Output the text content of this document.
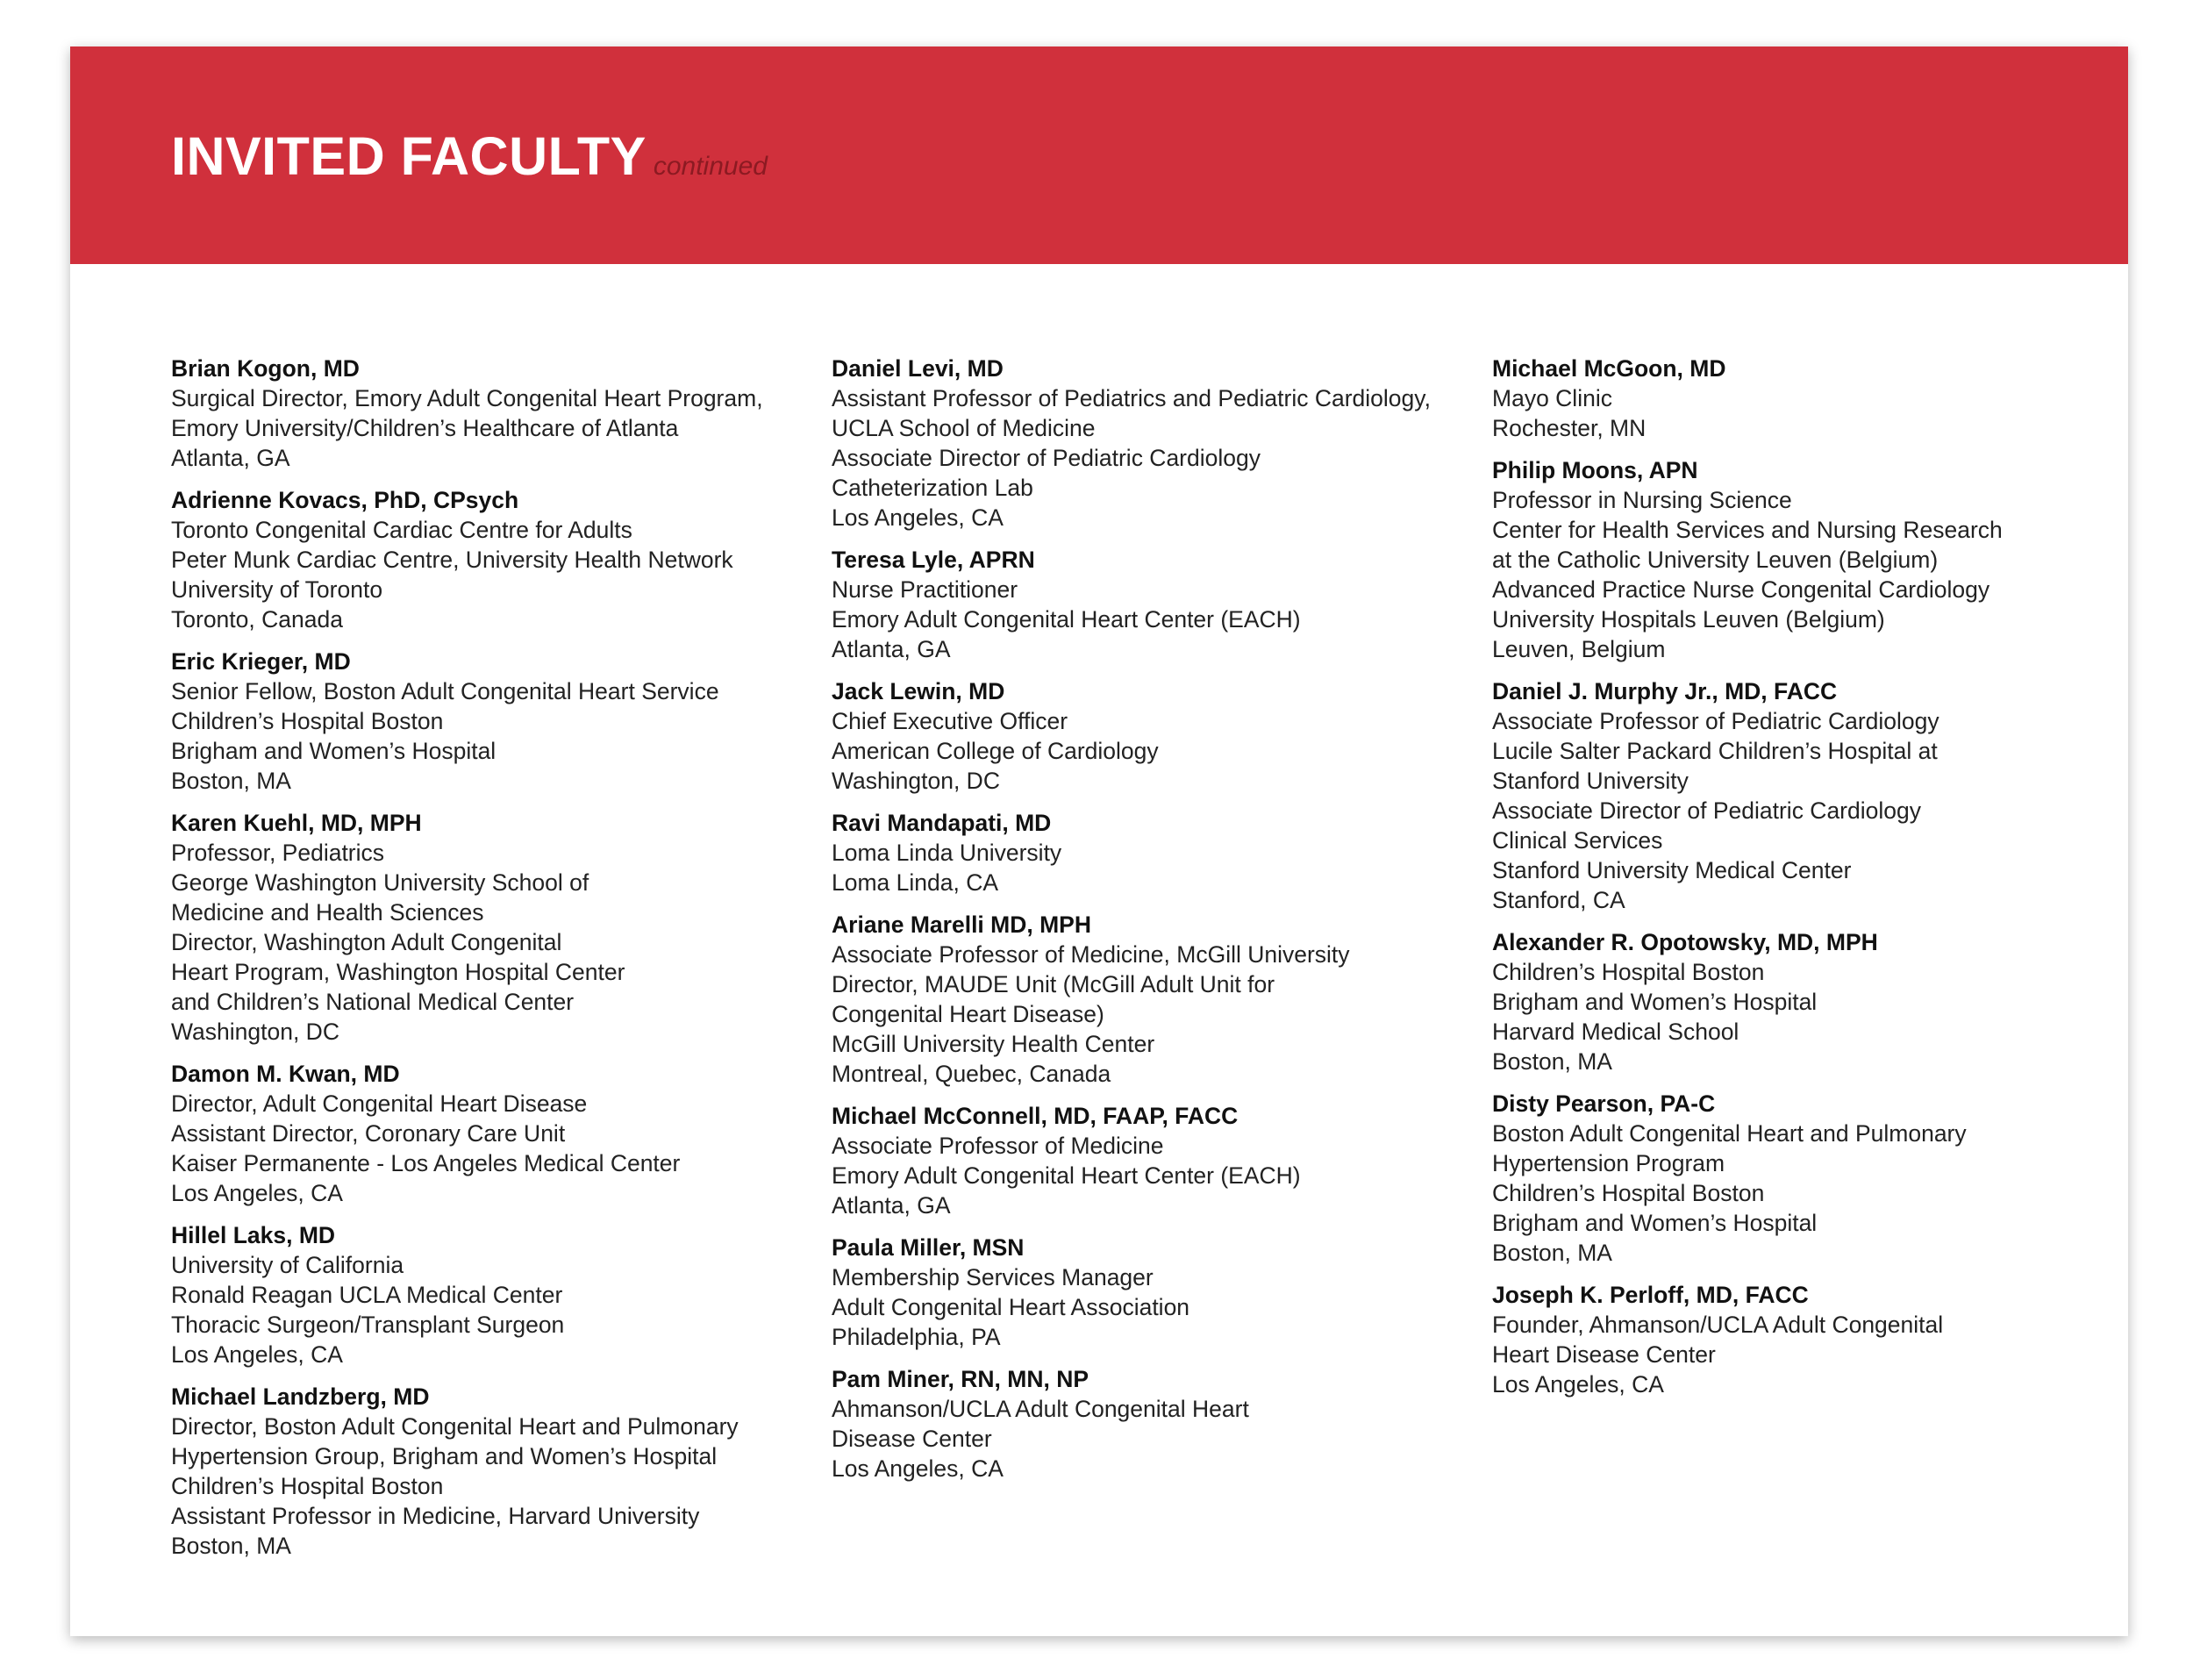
INVITED FACULTY continued
Brian Kogon, MD
Surgical Director, Emory Adult Congenital Heart Program,
Emory University/Children’s Healthcare of Atlanta
Atlanta, GA
Adrienne Kovacs, PhD, CPsych
Toronto Congenital Cardiac Centre for Adults
Peter Munk Cardiac Centre, University Health Network
University of Toronto
Toronto, Canada
Eric Krieger, MD
Senior Fellow, Boston Adult Congenital Heart Service
Children’s Hospital Boston
Brigham and Women’s Hospital
Boston, MA
Karen Kuehl, MD, MPH
Professor, Pediatrics
George Washington University School of
Medicine and Health Sciences
Director, Washington Adult Congenital
Heart Program, Washington Hospital Center
and Children’s National Medical Center
Washington, DC
Damon M. Kwan, MD
Director, Adult Congenital Heart Disease
Assistant Director, Coronary Care Unit
Kaiser Permanente - Los Angeles Medical Center
Los Angeles, CA
Hillel Laks, MD
University of California
Ronald Reagan UCLA Medical Center
Thoracic Surgeon/Transplant Surgeon
Los Angeles, CA
Michael Landzberg, MD
Director, Boston Adult Congenital Heart and Pulmonary
Hypertension Group, Brigham and Women’s Hospital
Children’s Hospital Boston
Assistant Professor in Medicine, Harvard University
Boston, MA
Daniel Levi, MD
Assistant Professor of Pediatrics and Pediatric Cardiology,
UCLA School of Medicine
Associate Director of Pediatric Cardiology
Catheterization Lab
Los Angeles, CA
Teresa Lyle, APRN
Nurse Practitioner
Emory Adult Congenital Heart Center (EACH)
Atlanta, GA
Jack Lewin, MD
Chief Executive Officer
American College of Cardiology
Washington, DC
Ravi Mandapati, MD
Loma Linda University
Loma Linda, CA
Ariane Marelli MD, MPH
Associate Professor of Medicine, McGill University
Director, MAUDE Unit (McGill Adult Unit for
Congenital Heart Disease)
McGill University Health Center
Montreal, Quebec, Canada
Michael McConnell, MD, FAAP, FACC
Associate Professor of Medicine
Emory Adult Congenital Heart Center (EACH)
Atlanta, GA
Paula Miller, MSN
Membership Services Manager
Adult Congenital Heart Association
Philadelphia, PA
Pam Miner, RN, MN, NP
Ahmanson/UCLA Adult Congenital Heart
Disease Center
Los Angeles, CA
Michael McGoon, MD
Mayo Clinic
Rochester, MN
Philip Moons, APN
Professor in Nursing Science
Center for Health Services and Nursing Research
at the Catholic University Leuven (Belgium)
Advanced Practice Nurse Congenital Cardiology
University Hospitals Leuven (Belgium)
Leuven, Belgium
Daniel J. Murphy Jr., MD, FACC
Associate Professor of Pediatric Cardiology
Lucile Salter Packard Children’s Hospital at
Stanford University
Associate Director of Pediatric Cardiology
Clinical Services
Stanford University Medical Center
Stanford, CA
Alexander R. Opotowsky, MD, MPH
Children’s Hospital Boston
Brigham and Women’s Hospital
Harvard Medical School
Boston, MA
Disty Pearson, PA-C
Boston Adult Congenital Heart and Pulmonary
Hypertension Program
Children’s Hospital Boston
Brigham and Women’s Hospital
Boston, MA
Joseph K. Perloff, MD, FACC
Founder, Ahmanson/UCLA Adult Congenital
Heart Disease Center
Los Angeles, CA
